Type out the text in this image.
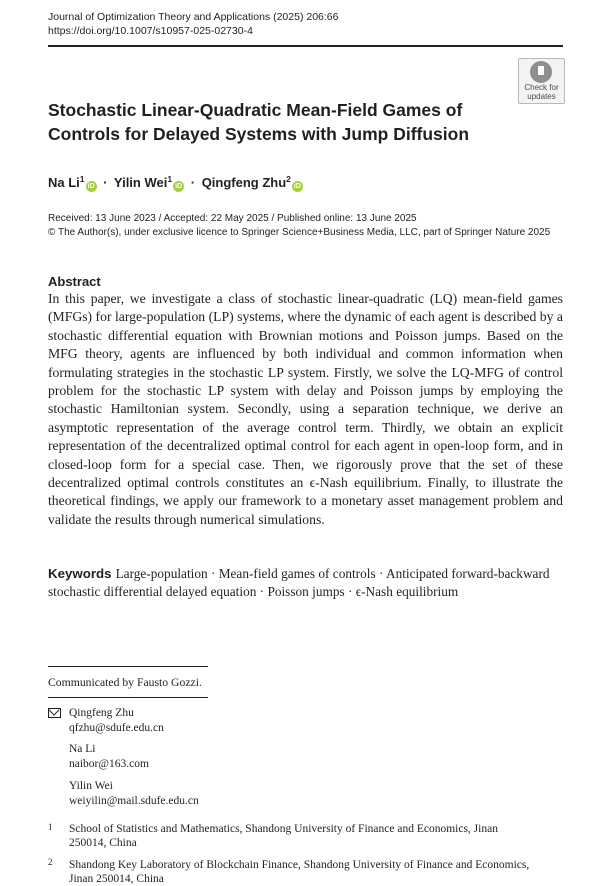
Journal of Optimization Theory and Applications (2025) 206:66
https://doi.org/10.1007/s10957-025-02730-4
Check for
updates
Stochastic Linear-Quadratic Mean-Field Games of Controls for Delayed Systems with Jump Diffusion
Na $Li^1iD$ · Yilin Wei$^1$iD · Qingfeng Zhu$^2$iD
Received: 13 June 2023 / Accepted: 22 May 2025 / Published online: 13 June 2025
© The Author(s), under exclusive licence to Springer Science+Business Media, LLC, part of Springer Nature 2025
Abstract
In this paper, we investigate a class of stochastic linear-quadratic (LQ) mean-field games (MFGs) for large-population (LP) systems, where the dynamic of each agent is described by a stochastic differential equation with Brownian motions and Poisson jumps. Based on the MFG theory, agents are influenced by both individual and common information when formulating strategies in the stochastic LP system. Firstly, we solve the LQ-MFG of control problem for the stochastic LP system with delay and Poisson jumps by employing the stochastic Hamiltonian system. Secondly, using a separation technique, we derive an asymptotic representation of the average control term. Thirdly, we obtain an explicit representation of the decentralized optimal control for each agent in open-loop form, and in closed-loop form for a special case. Then, we rigorously prove that the set of these decentralized optimal controls constitutes an ϵ-Nash equilibrium. Finally, to illustrate the theoretical findings, we apply our framework to a monetary asset management problem and validate the results through numerical simulations.
Keywords Large-population · Mean-field games of controls · Anticipated forward-backward stochastic differential delayed equation · Poisson jumps · ϵ-Nash equilibrium
Communicated by Fausto Gozzi.
Qingfeng Zhu
qfzhu@sdufe.edu.cn
Na Li
naibor@163.com
Yilin Wei
weiyilin@mail.sdufe.edu.cn
1 School of Statistics and Mathematics, Shandong University of Finance and Economics, Jinan
250014, China
2 Shandong Key Laboratory of Blockchain Finance, Shandong University of Finance and Economics,
Jinan 250014, China
